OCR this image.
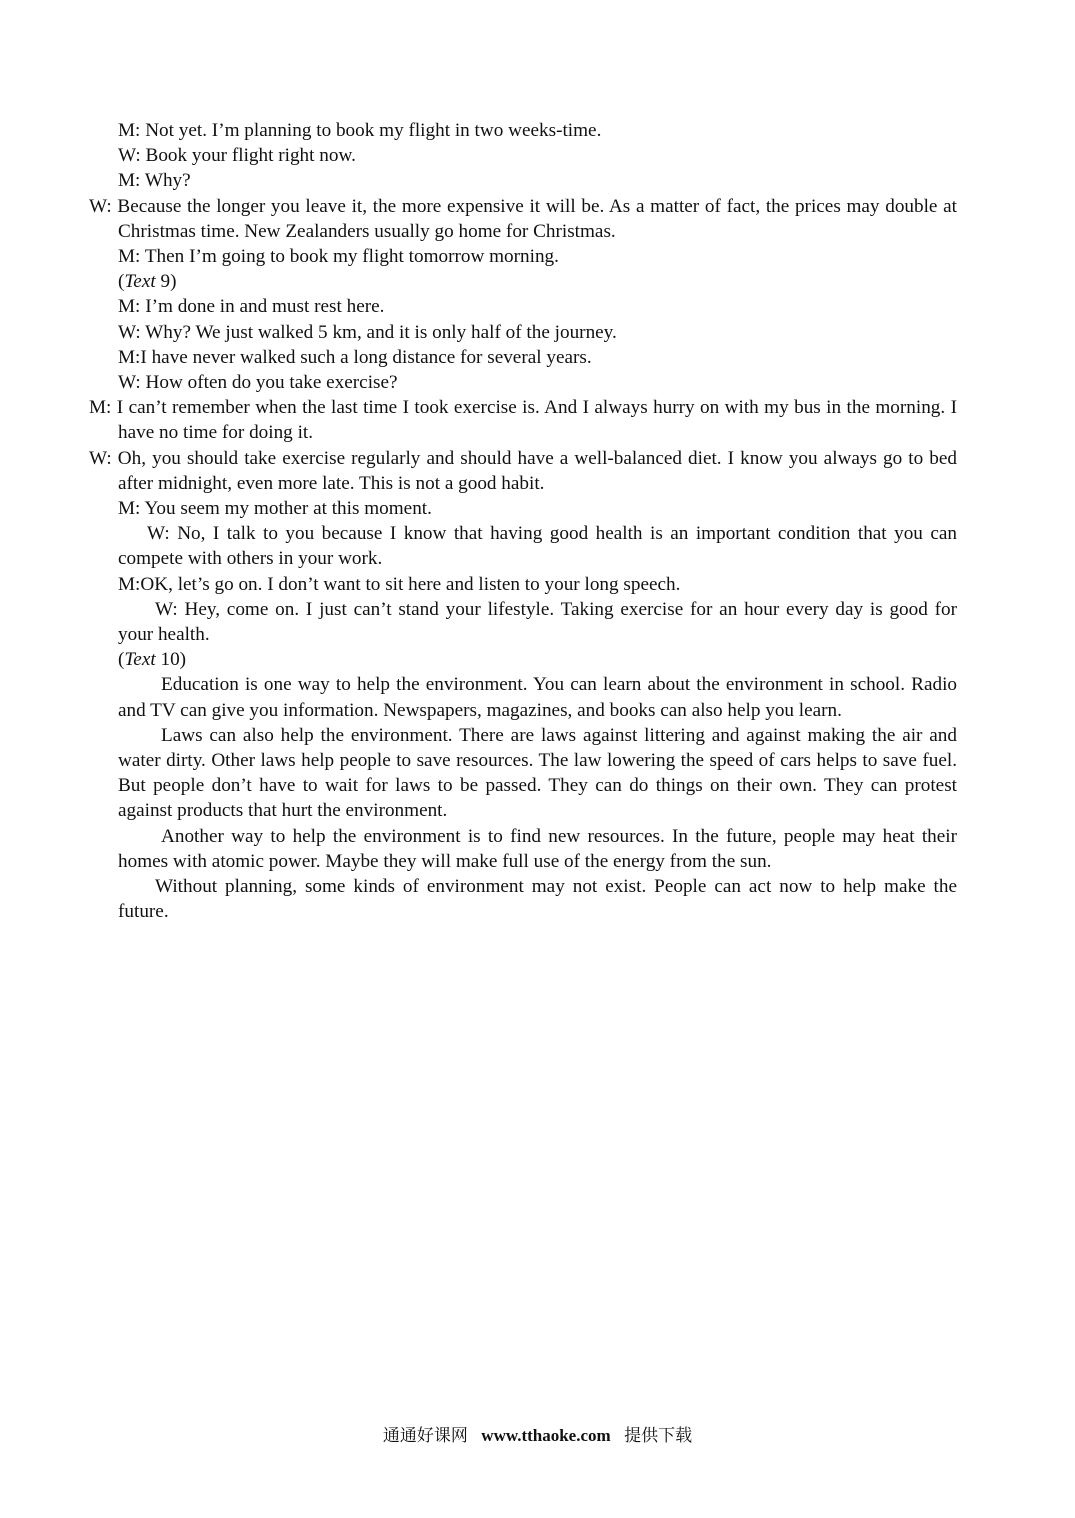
M: Not yet. I’m planning to book my flight in two weeks-time.

W: Book your flight right now.

M: Why?

W: Because the longer you leave it, the more expensive it will be. As a matter of fact, the prices may double at Christmas time. New Zealanders usually go home for Christmas.

M: Then I’m going to book my flight tomorrow morning.

(Text 9)

M: I’m done in and must rest here.

W: Why? We just walked 5 km, and it is only half of the journey.

M:I have never walked such a long distance for several years.

W: How often do you take exercise?

M: I can’t remember when the last time I took exercise is. And I always hurry on with my bus in the morning. I have no time for doing it.

W: Oh, you should take exercise regularly and should have a well-balanced diet. I know you always go to bed after midnight, even more late. This is not a good habit.

M: You seem my mother at this moment.

W: No, I talk to you because I know that having good health is an important condition that you can compete with others in your work.

M:OK, let’s go on. I don’t want to sit here and listen to your long speech.

W: Hey, come on. I just can’t stand your lifestyle. Taking exercise for an hour every day is good for your health.

(Text 10)

Education is one way to help the environment. You can learn about the environment in school. Radio and TV can give you information. Newspapers, magazines, and books can also help you learn.

Laws can also help the environment. There are laws against littering and against making the air and water dirty. Other laws help people to save resources. The law lowering the speed of cars helps to save fuel. But people don’t have to wait for laws to be passed. They can do things on their own. They can protest against products that hurt the environment.

Another way to help the environment is to find new resources. In the future, people may heat their homes with atomic power. Maybe they will make full use of the energy from the sun.

Without planning, some kinds of environment may not exist. People can act now to help make the future.

通通好课网 www.tthaoke.com 提供下载
